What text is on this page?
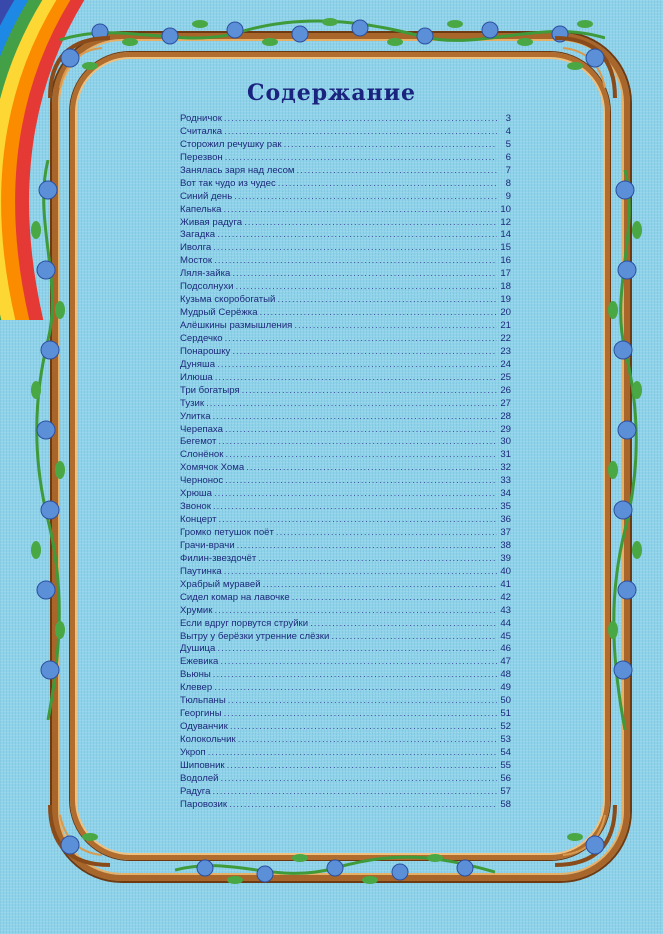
Содержание
Родничок .....	3
Считалка .....	4
Сторожил речушку рак .....	5
Перезвон .....	6
Занялась заря над лесом .....	7
Вот так чудо из чудес .....	8
Синий день .....	9
Капелька .....	10
Живая радуга .....	12
Загадка .....	14
Иволга .....	15
Мосток .....	16
Ляля-зайка .....	17
Подсолнухи .....	18
Кузьма скоробогатый .....	19
Мудрый Серёжка .....	20
Алёшкины размышления .....	21
Сердечко .....	22
Понарошку .....	23
Дуняша .....	24
Илюша .....	25
Три богатыря .....	26
Тузик .....	27
Улитка .....	28
Черепаха .....	29
Бегемот .....	30
Слонёнок .....	31
Хомячок Хома .....	32
Чернонос .....	33
Хрюша .....	34
Звонок .....	35
Концерт .....	36
Громко петушок поёт .....	37
Грачи-врачи .....	38
Филин-звездочёт .....	39
Паутинка .....	40
Храбрый муравей .....	41
Сидел комар на лавочке .....	42
Хрумик .....	43
Если вдруг порвутся струйки .....	44
Вытру у берёзки утренние слёзки .....	45
Душица .....	46
Ежевика .....	47
Вьюны .....	48
Клевер .....	49
Тюльпаны .....	50
Георгины .....	51
Одуванчик .....	52
Колокольчик .....	53
Укроп .....	54
Шиповник .....	55
Водолей .....	56
Радуга .....	57
Паровозик .....	58
